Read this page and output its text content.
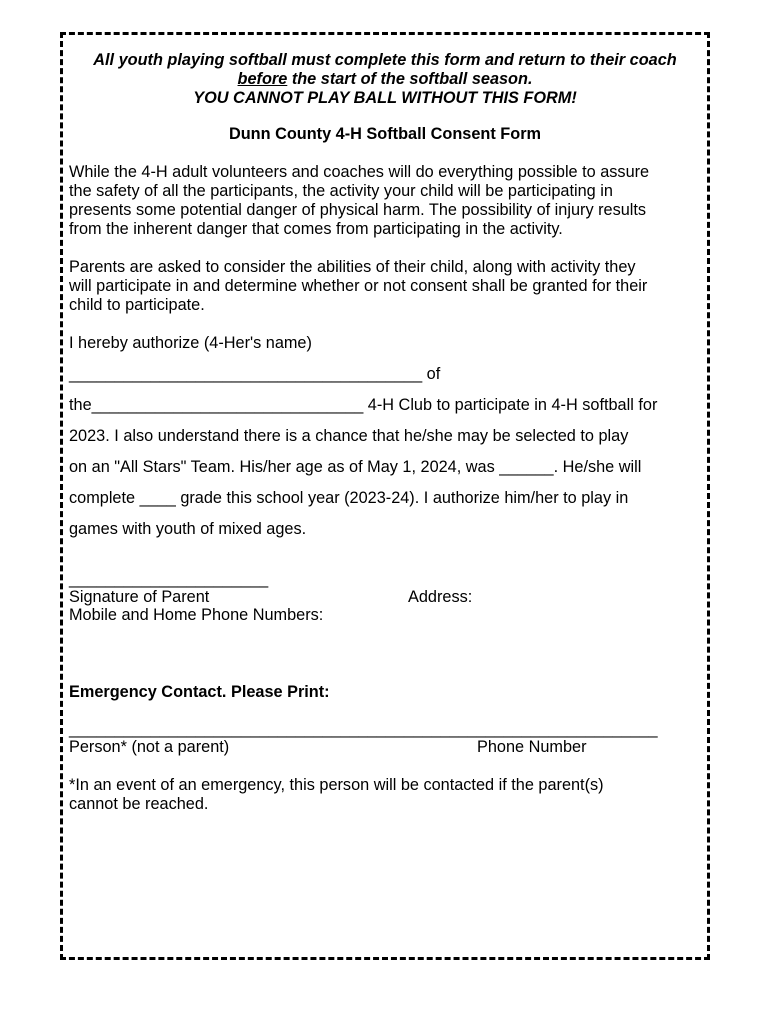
All youth playing softball must complete this form and return to their coach
before the start of the softball season.
YOU CANNOT PLAY BALL WITHOUT THIS FORM!
Dunn County 4-H Softball Consent Form
While the 4-H adult volunteers and coaches will do everything possible to assure
the safety of all the participants, the activity your child will be participating in
presents some potential danger of physical harm. The possibility of injury results
from the inherent danger that comes from participating in the activity.
Parents are asked to consider the abilities of their child, along with activity they
will participate in and determine whether or not consent shall be granted for their
child to participate.
I hereby authorize (4-Her's name)
_______________________________________ of
the______________________________ 4-H Club to participate in 4-H softball for
2023. I also understand there is a chance that he/she may be selected to play
on an "All Stars" Team. His/her age as of May 1, 2024, was ______. He/she will
complete ____ grade this school year (2023-24). I authorize him/her to play in
games with youth of mixed ages.
______________________
Signature of Parent	Address:
Mobile and Home Phone Numbers:
Emergency Contact. Please Print:
_________________________________________________________________
Person* (not a parent)	Phone Number
*In an event of an emergency, this person will be contacted if the parent(s)
cannot be reached.
